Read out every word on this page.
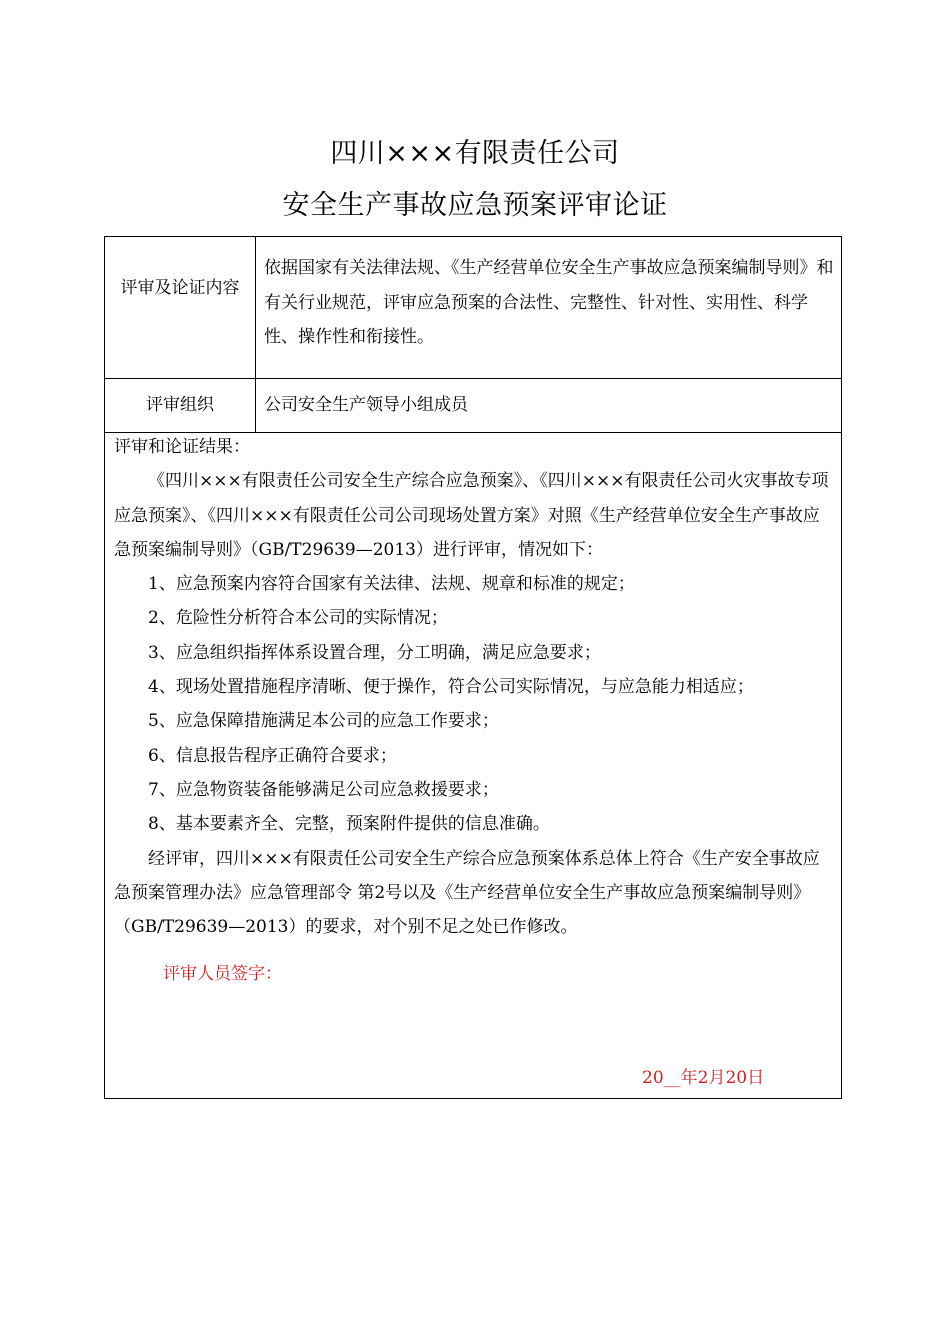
四川×××有限责任公司
安全生产事故应急预案评审论证
评审及论证内容
依据国家有关法律法规、《生产经营单位安全生产事故应急预案编制导则》和有关行业规范，评审应急预案的合法性、完整性、针对性、实用性、科学性、操作性和衔接性。
评审组织	公司安全生产领导小组成员

评审和论证结果：

《四川×××有限责任公司安全生产综合应急预案》、《四川×××有限责任公司火灾事故专项应急预案》、《四川×××有限责任公司公司现场处置方案》对照《生产经营单位安全生产事故应急预案编制导则》（GB/T29639—2013）进行评审，情况如下：

1、应急预案内容符合国家有关法律、法规、规章和标准的规定；

2、危险性分析符合本公司的实际情况；

3、应急组织指挥体系设置合理，分工明确，满足应急要求；

4、现场处置措施程序清晰、便于操作，符合公司实际情况，与应急能力相适应；

5、应急保障措施满足本公司的应急工作要求；

6、信息报告程序正确符合要求；

7、应急物资装备能够满足公司应急救援要求；

8、基本要素齐全、完整，预案附件提供的信息准确。

经评审，四川×××有限责任公司安全生产综合应急预案体系总体上符合《生产安全事故应急预案管理办法》应急管理部令 第2号以及《生产经营单位安全生产事故应急预案编制导则》（GB/T29639—2013）的要求，对个别不足之处已作修改。

评审人员签字：
20__年2月20日
